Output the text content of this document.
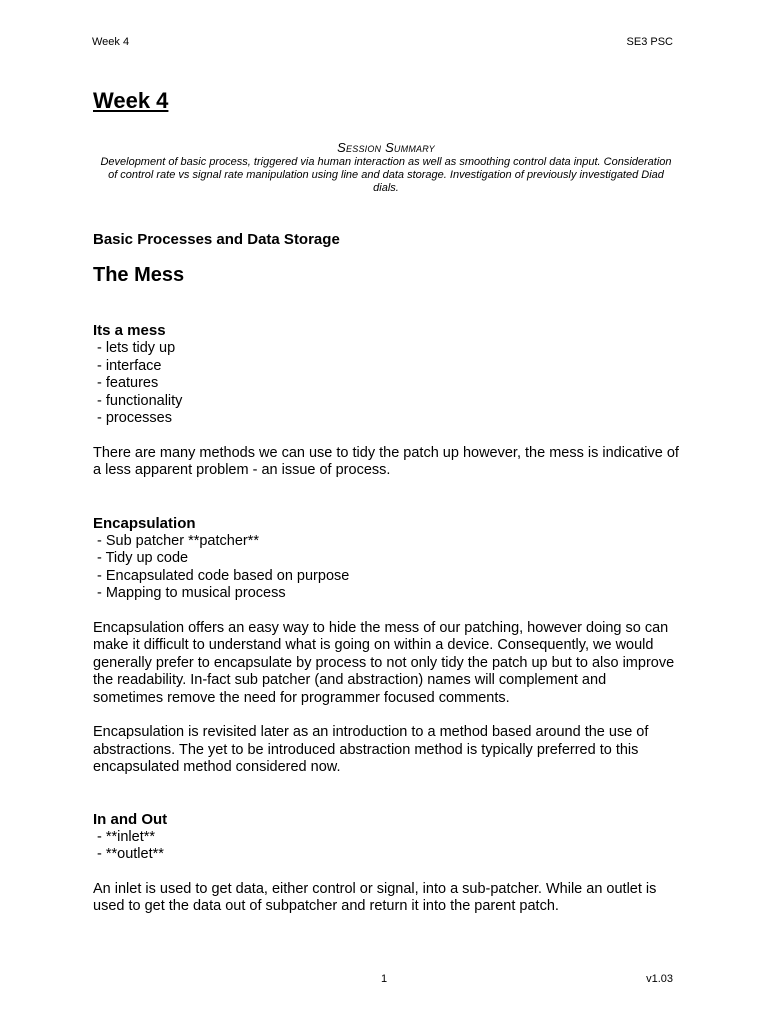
Week 4	SE3 PSC
Week 4
Session Summary
Development of basic process, triggered via human interaction as well as smoothing control data input. Consideration of control rate vs signal rate manipulation using line and data storage. Investigation of previously investigated Diad dials.
Basic Processes and Data Storage
The Mess
Its a mess
- lets tidy up
- interface
- features
- functionality
- processes

There are many methods we can use to tidy the patch up however, the mess is indicative of a less apparent problem - an issue of process.

Encapsulation
- Sub patcher **patcher**
- Tidy up code
- Encapsulated code based on purpose
- Mapping to musical process

Encapsulation offers an easy way to hide the mess of our patching, however doing so can make it difficult to understand what is going on within a device. Consequently, we would generally prefer to encapsulate by process to not only tidy the patch up but to also improve the readability. In-fact sub patcher (and abstraction) names will complement and sometimes remove the need for programmer focused comments.

Encapsulation is revisited later as an introduction to a method based around the use of abstractions. The yet to be introduced abstraction method is typically preferred to this encapsulated method considered now.

In and Out
- **inlet**
- **outlet**

An inlet is used to get data, either control or signal, into a sub-patcher. While an outlet is used to get the data out of subpatcher and return it into the parent patch.

1	v1.03
